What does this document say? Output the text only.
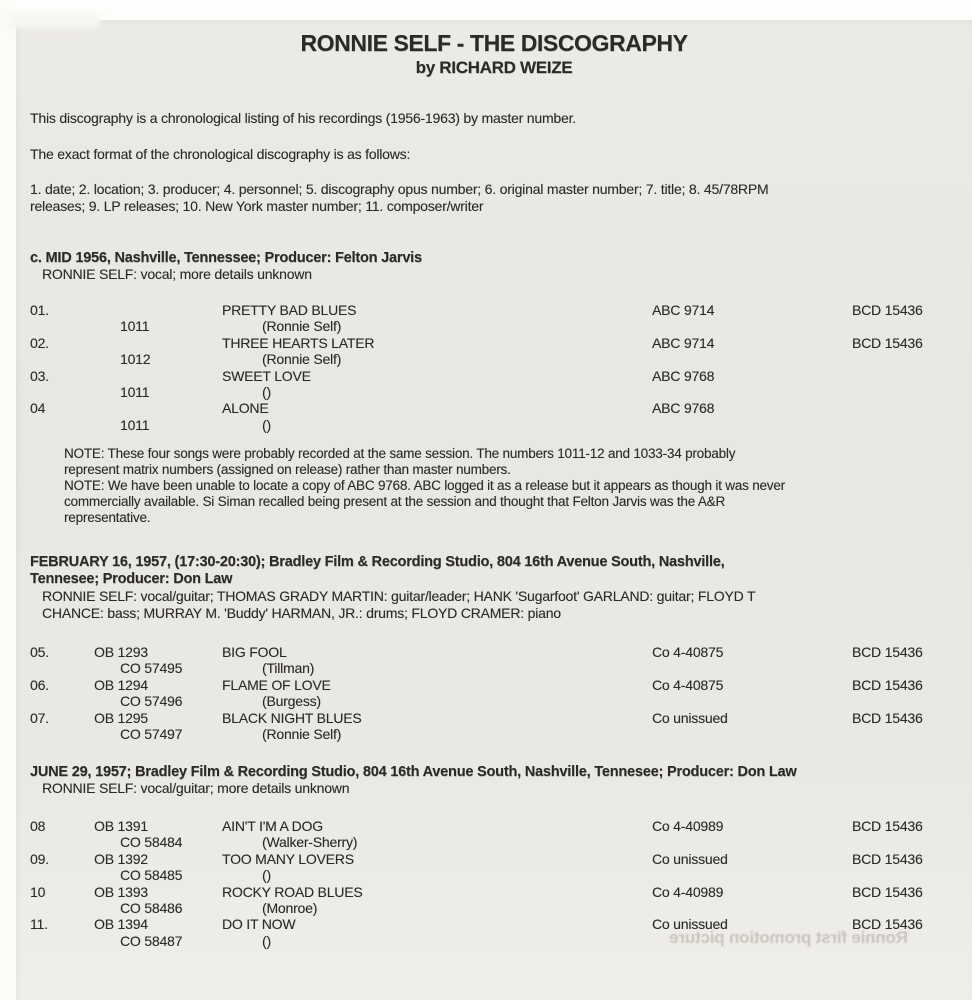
RONNIE SELF - THE DISCOGRAPHY
by RICHARD WEIZE
This discography is a chronological listing of his recordings (1956-1963) by master number.
The exact format of the chronological discography is as follows:
1. date; 2. location; 3. producer; 4. personnel; 5. discography opus number; 6. original master number; 7. title; 8. 45/78RPM
releases; 9. LP releases; 10. New York master number; 11. composer/writer
c. MID 1956, Nashville, Tennessee; Producer: Felton Jarvis
RONNIE SELF: vocal; more details unknown
01.	PRETTY BAD BLUES	ABC 9714	BCD 15436
1011	(Ronnie Self)
02.	THREE HEARTS LATER	ABC 9714	BCD 15436
1012	(Ronnie Self)
03.	SWEET LOVE	ABC 9768
1011	()
04	ALONE	ABC 9768
1011	()
NOTE: These four songs were probably recorded at the same session. The numbers 1011-12 and 1033-34 probably
represent matrix numbers (assigned on release) rather than master numbers.
NOTE: We have been unable to locate a copy of ABC 9768. ABC logged it as a release but it appears as though it was never
commercially available. Si Siman recalled being present at the session and thought that Felton Jarvis was the A&R
representative.
FEBRUARY 16, 1957, (17:30-20:30); Bradley Film & Recording Studio, 804 16th Avenue South, Nashville,
Tennesee; Producer: Don Law
RONNIE SELF: vocal/guitar; THOMAS GRADY MARTIN: guitar/leader; HANK 'Sugarfoot' GARLAND: guitar; FLOYD T
CHANCE: bass; MURRAY M. 'Buddy' HARMAN, JR.: drums; FLOYD CRAMER: piano
05.	OB 1293	BIG FOOL	Co 4-40875	BCD 15436
CO 57495	(Tillman)
06.	OB 1294	FLAME OF LOVE	Co 4-40875	BCD 15436
CO 57496	(Burgess)
07.	OB 1295	BLACK NIGHT BLUES	Co unissued	BCD 15436
CO 57497	(Ronnie Self)
JUNE 29, 1957; Bradley Film & Recording Studio, 804 16th Avenue South, Nashville, Tennesee; Producer: Don Law
RONNIE SELF: vocal/guitar; more details unknown
08	OB 1391	AIN'T I'M A DOG	Co 4-40989	BCD 15436
CO 58484	(Walker-Sherry)
09.	OB 1392	TOO MANY LOVERS	Co unissued	BCD 15436
CO 58485	()
10	OB 1393	ROCKY ROAD BLUES	Co 4-40989	BCD 15436
CO 58486	(Monroe)
11.	OB 1394	DO IT NOW	Co unissued	BCD 15436
CO 58487	()	Ronnie first promotion picture
